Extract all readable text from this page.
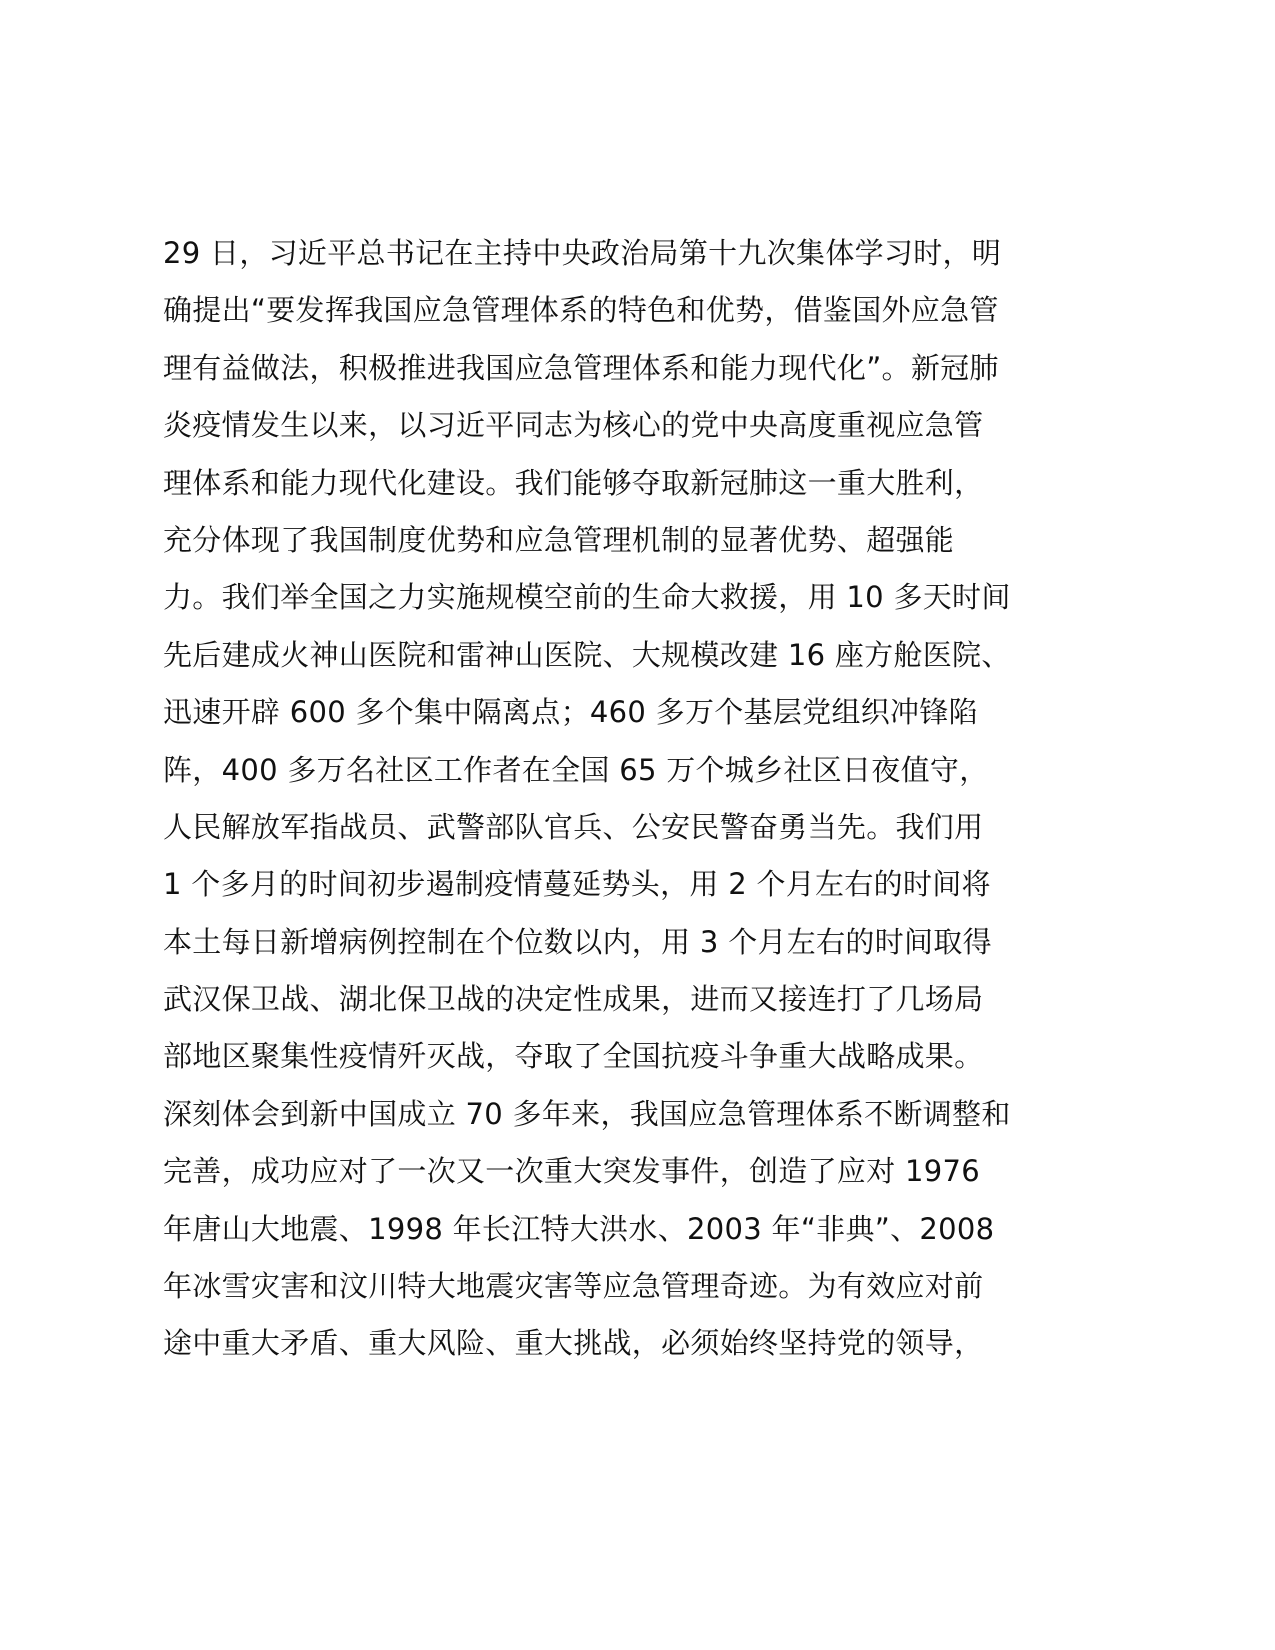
29 日，习近平总书记在主持中央政治局第十九次集体学习时，明
确提出“要发挥我国应急管理体系的特色和优势，借鉴国外应急管
理有益做法，积极推进我国应急管理体系和能力现代化”。新冠肺
炎疫情发生以来，以习近平同志为核心的党中央高度重视应急管
理体系和能力现代化建设。我们能够夺取新冠肺这一重大胜利，
充分体现了我国制度优势和应急管理机制的显著优势、超强能
力。我们举全国之力实施规模空前的生命大救援，用 10 多天时间
先后建成火神山医院和雷神山医院、大规模改建 16 座方舱医院、
迅速开辟 600 多个集中隔离点；460 多万个基层党组织冲锋陷
阵，400 多万名社区工作者在全国 65 万个城乡社区日夜值守，
人民解放军指战员、武警部队官兵、公安民警奋勇当先。我们用
1 个多月的时间初步遏制疫情蔓延势头，用 2 个月左右的时间将
本土每日新增病例控制在个位数以内，用 3 个月左右的时间取得
武汉保卫战、湖北保卫战的决定性成果，进而又接连打了几场局
部地区聚集性疫情歼灭战，夺取了全国抗疫斗争重大战略成果。
深刻体会到新中国成立 70 多年来，我国应急管理体系不断调整和
完善，成功应对了一次又一次重大突发事件，创造了应对 1976
年唐山大地震、1998 年长江特大洪水、2003 年“非典”、2008
年冰雪灾害和汶川特大地震灾害等应急管理奇迹。为有效应对前
途中重大矛盾、重大风险、重大挑战，必须始终坚持党的领导，
